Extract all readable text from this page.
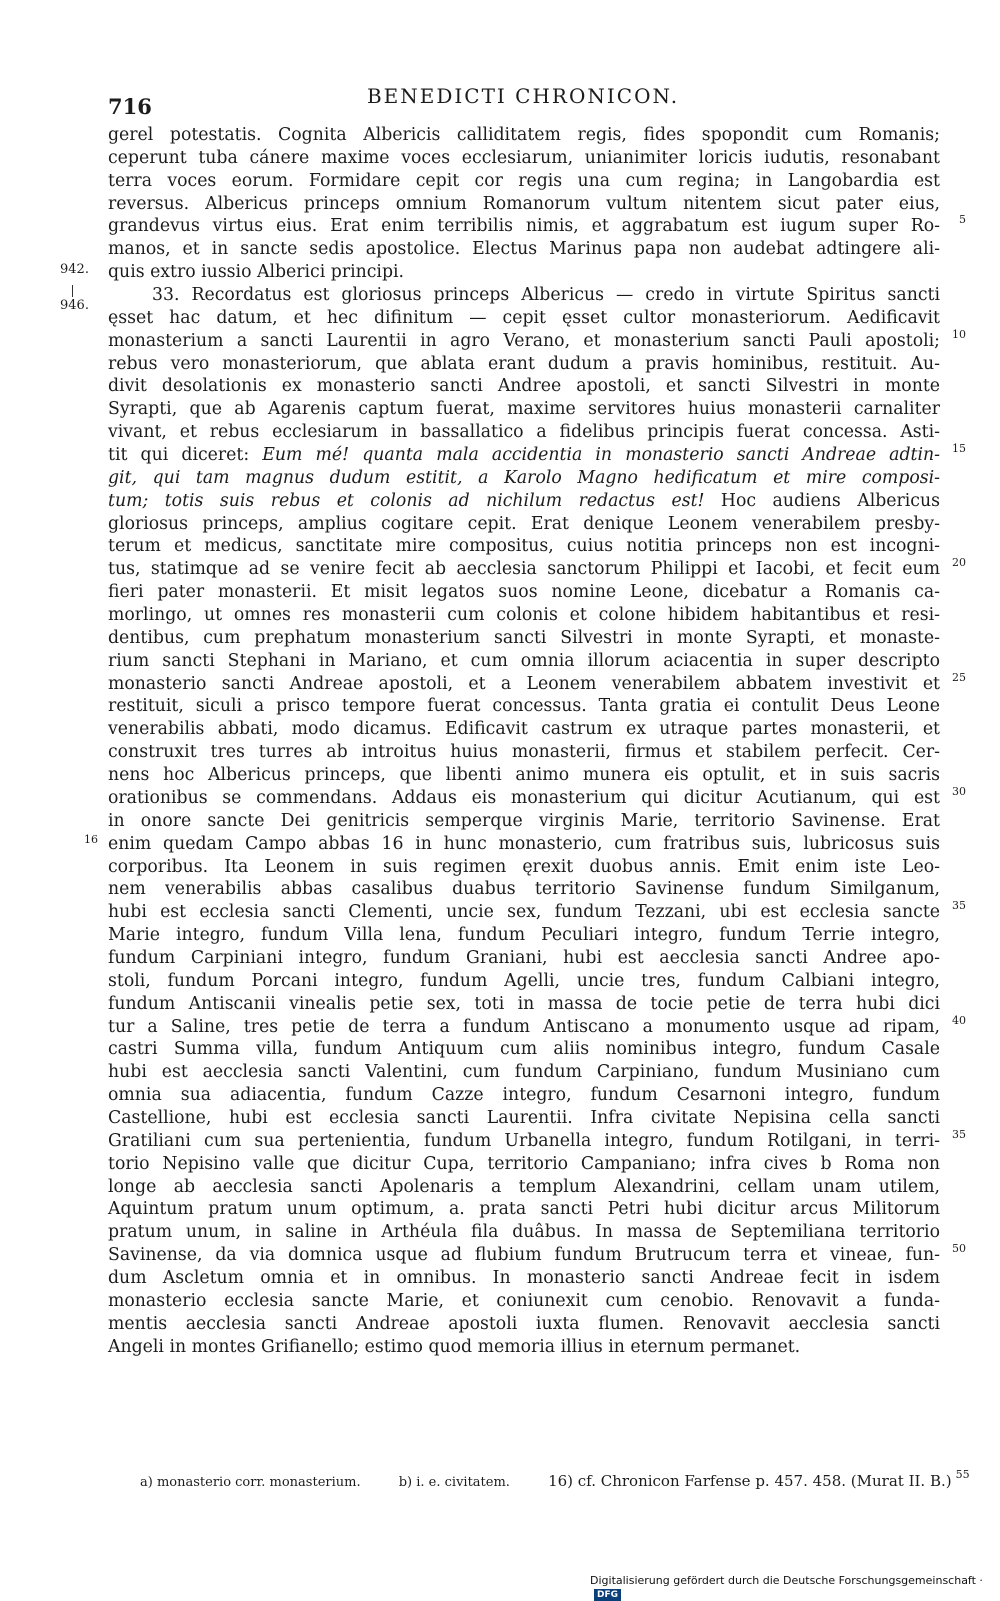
716	BENEDICTI CHRONICON.
942.
946.
gerel potestatis. Cognita Albericis calliditatem regis, fides spopondit cum Romanis;
ceperunt tuba cánere maxime voces ecclesiarum, unianimiter loricis iudutis, resonabant
terra voces eorum. Formidare cepit cor regis una cum regina; in Langobardia est
reversus. Albericus princeps omnium Romanorum vultum nitentem sicut pater eius,
grandevus virtus eius. Erat enim terribilis nimis, et aggrabatum est iugum super Ro- 5
manos, et in sancte sedis apostolice. Electus Marinus papa non audebat adtingere ali-
quis extro iussio Alberici principi.
33. Recordatus est gloriosus princeps Albericus — credo in virtute Spiritus sancti
ęsset hac datum, et hec difinitum — cepit ęsset cultor monasteriorum. Aedificavit
monasterium a sancti Laurentii in agro Verano, et monasterium sancti Pauli apostoli; 10
rebus vero monasteriorum, que ablata erant dudum a pravis hominibus, restituit. Au-
divit desolationis ex monasterio sancti Andree apostoli, et sancti Silvestri in monte
Syrapti, que ab Agarenis captum fuerat, maxime servitores huius monasterii carnaliter
vivant, et rebus ecclesiarum in bassallatico a fidelibus principis fuerat concessa. Asti-
tit qui diceret: Eum mé! quanta mala accidentia in monasterio sancti Andreae adtin- 15
git, qui tam magnus dudum estitit, a Karolo Magno hedificatum et mire composi-
tum; totis suis rebus et colonis ad nichilum redactus est! Hoc audiens Albericus
gloriosus princeps, amplius cogitare cepit. Erat denique Leonem venerabilem presby-
terum et medicus, sanctitate mire compositus, cuius notitia princeps non est incogni-
tus, statimque ad se venire fecit ab aecclesia sanctorum Philippi et Iacobi, et fecit eum 20
fieri pater monasterii. Et misit legatos suos nomine Leone, dicebatur a Romanis ca-
morlingo, ut omnes res monasterii cum colonis et colone hibidem habitantibus et resi-
dentibus, cum prephatum monasterium sancti Silvestri in monte Syrapti, et monaste-
rium sancti Stephani in Mariano, et cum omnia illorum aciacentia in super descripto
monasterio sancti Andreae apostoli, et a Leonem venerabilem abbatem investivit et 25
restituit, siculi a prisco tempore fuerat concessus. Tanta gratia ei contulit Deus Leone
venerabilis abbati, modo dicamus. Edificavit castrum ex utraque partes monasterii, et
construxit tres turres ab introitus huius monasterii, firmus et stabilem perfecit. Cer-
nens hoc Albericus princeps, que libenti animo munera eis optulit, et in suis sacris
orationibus se commendans. Addaus eis monasterium qui dicitur Acutianum, qui est 30
in onore sancte Dei genitricis semperque virginis Marie, territorio Savinense. Erat
enim quedam Campo abbas 16 in hunc monasterio, cum fratribus suis, lubricosus suis
16
corporibus. Ita Leonem in suis regimen ęrexit duobus annis. Emit enim iste Leo-
nem venerabilis abbas casalibus duabus territorio Savinense fundum Similganum,
hubi est ecclesia sancti Clementi, uncie sex, fundum Tezzani, ubi est ecclesia sancte 35
Marie integro, fundum Villa lena, fundum Peculiari integro, fundum Terrie integro,
fundum Carpiniani integro, fundum Graniani, hubi est aecclesia sancti Andree apo-
stoli, fundum Porcani integro, fundum Agelli, uncie tres, fundum Calbiani integro,
fundum Antiscanii vinealis petie sex, toti in massa de tocie petie de terra hubi dici
tur a Saline, tres petie de terra a fundum Antiscano a monumento usque ad ripam, 40
castri Summa villa, fundum Antiquum cum aliis nominibus integro, fundum Casale
hubi est aecclesia sancti Valentini, cum fundum Carpiniano, fundum Musiniano cum
omnia sua adiacentia, fundum Cazze integro, fundum Cesarnoni integro, fundum
Castellione, hubi est ecclesia sancti Laurentii. Infra civitate Nepisina cella sancti
Gratiliani cum sua pertenientia, fundum Urbanella integro, fundum Rotilgani, in terri- 35
torio Nepisino valle que dicitur Cupa, territorio Campaniano; infra cives b Roma non
longe ab aecclesia sancti Apolenaris a templum Alexandrini, cellam unam utilem,
Aquintum pratum unum optimum, a. prata sancti Petri hubi dicitur arcus Militorum
pratum unum, in saline in Arthéula fila duâbus. In massa de Septemiliana territorio
Savinense, da via domnica usque ad flubium fundum Brutrucum terra et vineae, fun- 50
dum Ascletum omnia et in omnibus. In monasterio sancti Andreae fecit in isdem
monasterio ecclesia sancte Marie, et coniunexit cum cenobio. Renovavit a funda-
mentis aecclesia sancti Andreae apostoli iuxta flumen. Renovavit aecclesia sancti
Angeli in montes Grifianello; estimo quod memoria illius in eternum permanet.
a) monasterio corr. monasterium.	b) i. e. civitatem.	16) cf. Chronicon Farfense p. 457. 458. (Murat II. B.) $^{55}$
Digitalisierung gefördert durch die Deutsche Forschungsgemeinschaft ·DFG
